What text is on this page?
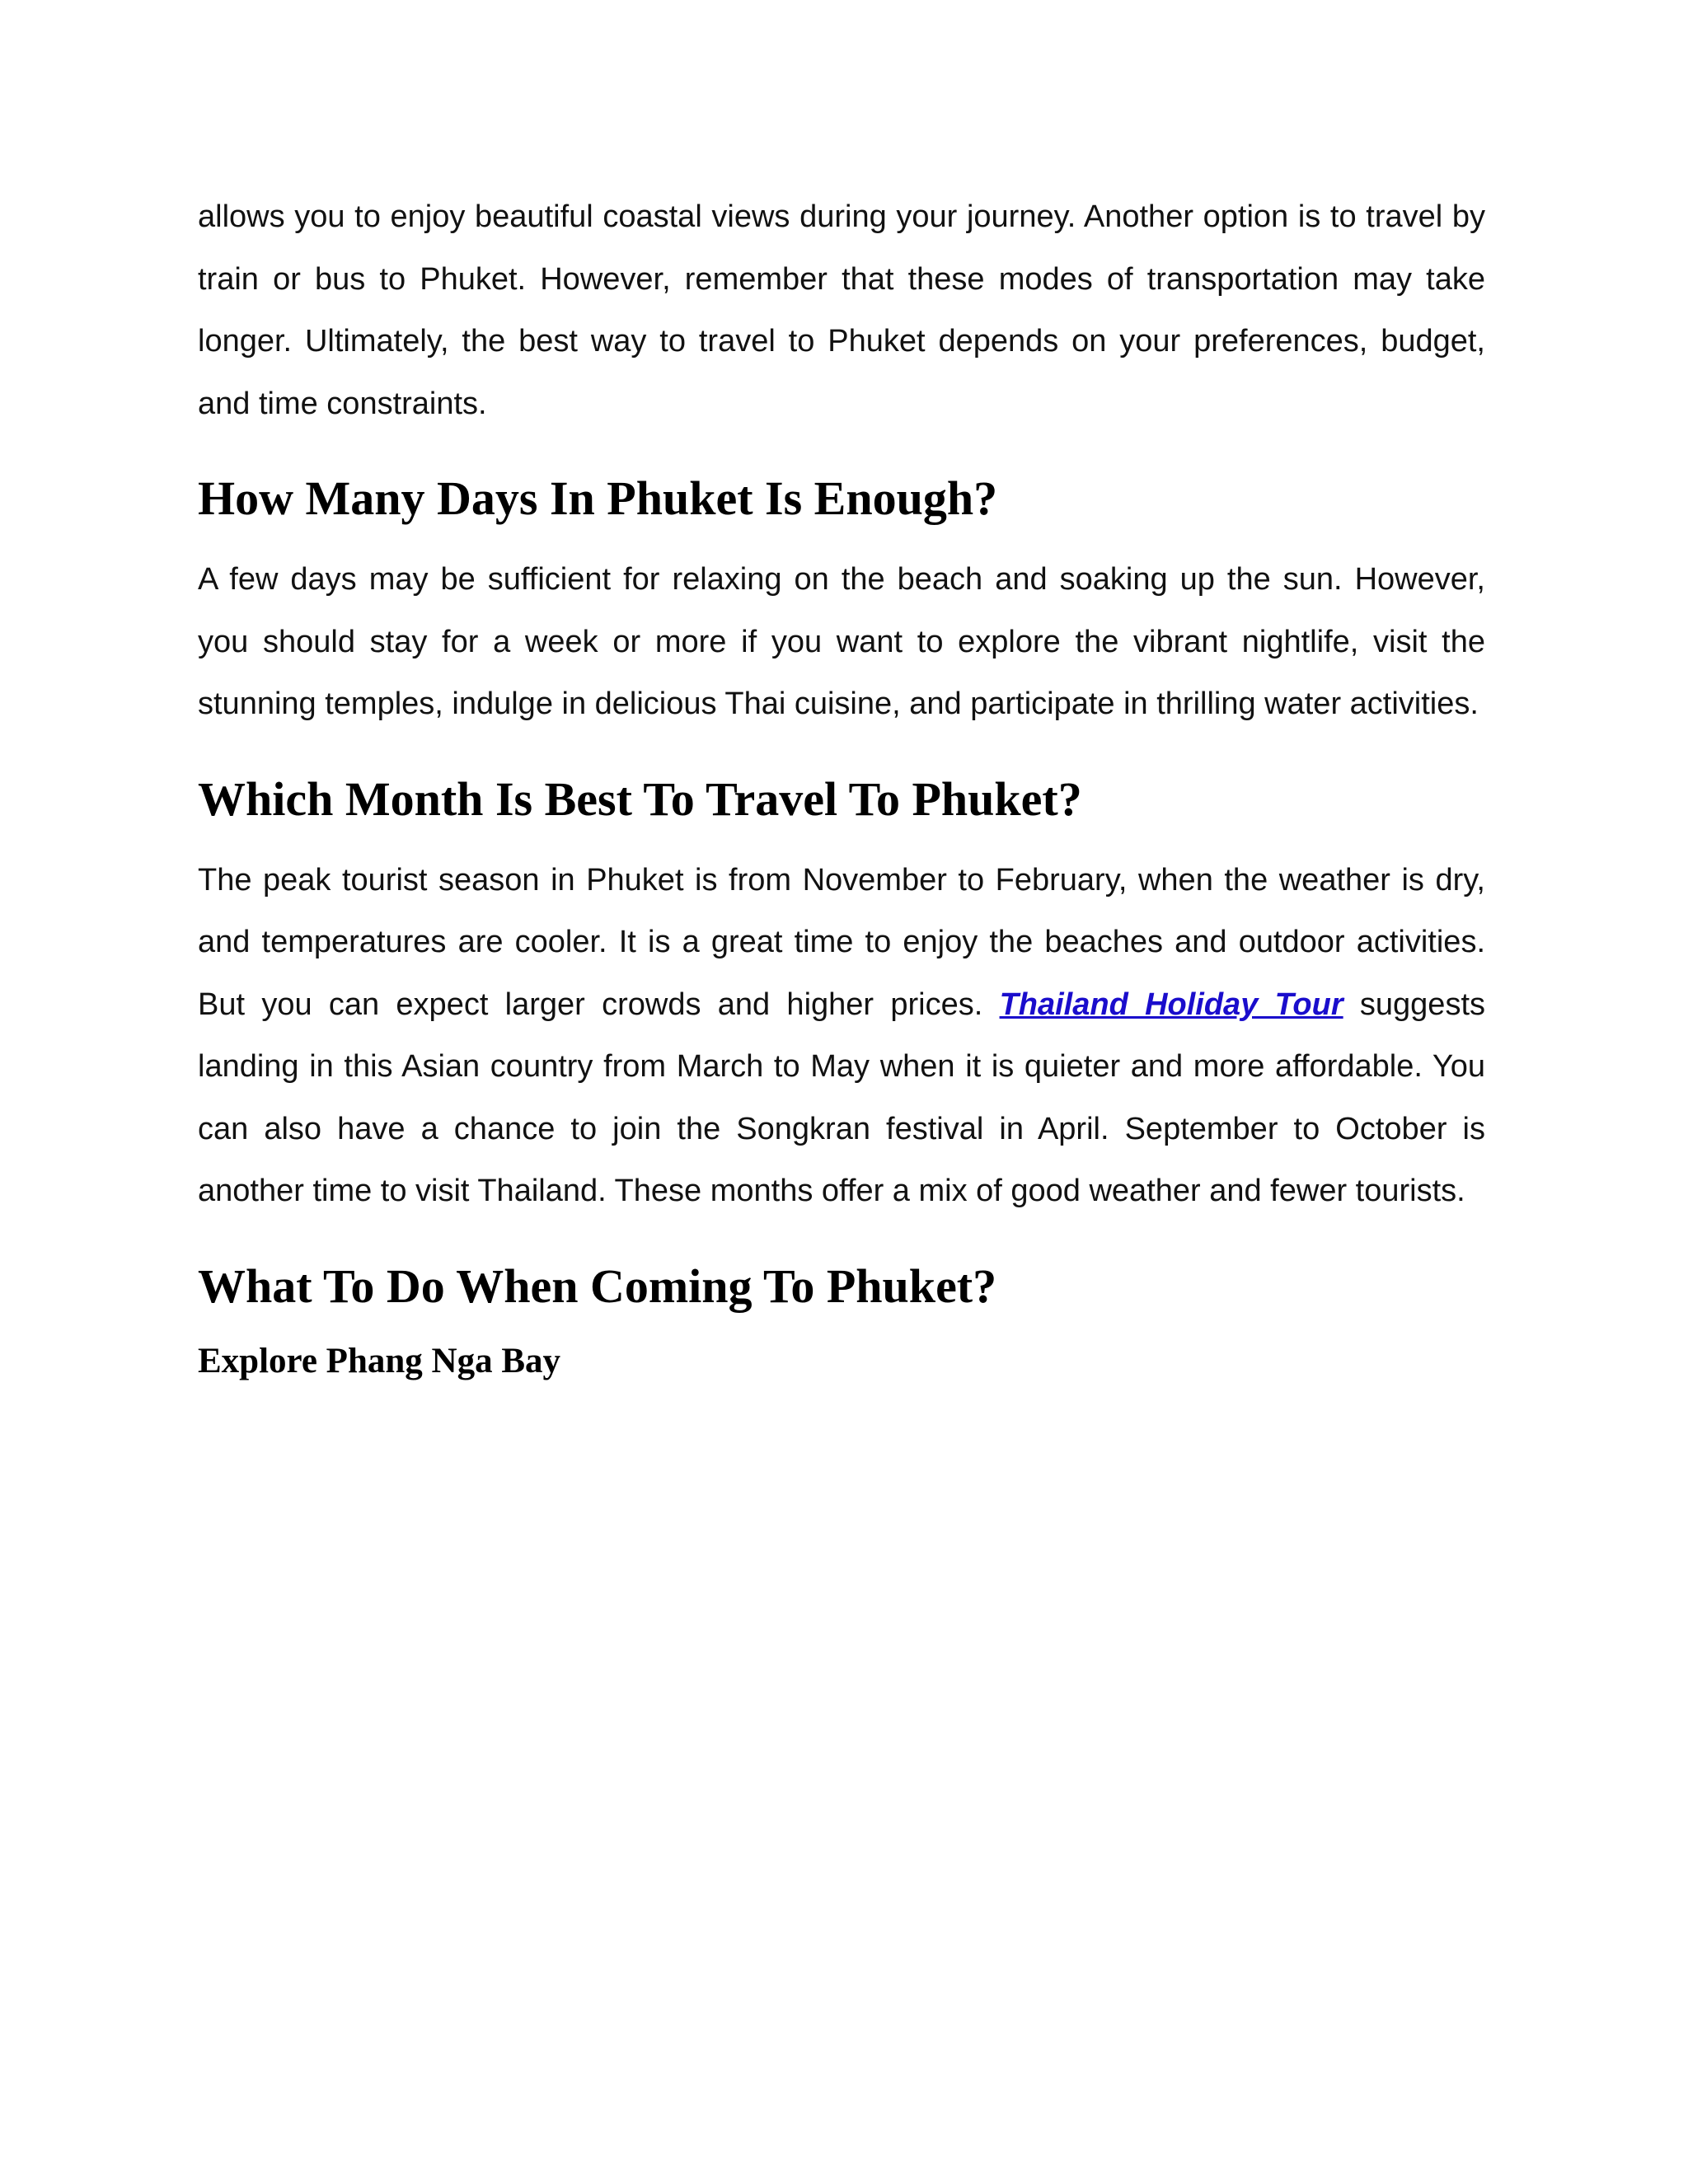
allows you to enjoy beautiful coastal views during your journey. Another option is to travel by train or bus to Phuket. However, remember that these modes of transportation may take longer. Ultimately, the best way to travel to Phuket depends on your preferences, budget, and time constraints.

How Many Days In Phuket Is Enough?

A few days may be sufficient for relaxing on the beach and soaking up the sun. However, you should stay for a week or more if you want to explore the vibrant nightlife, visit the stunning temples, indulge in delicious Thai cuisine, and participate in thrilling water activities.

Which Month Is Best To Travel To Phuket?

The peak tourist season in Phuket is from November to February, when the weather is dry, and temperatures are cooler. It is a great time to enjoy the beaches and outdoor activities. But you can expect larger crowds and higher prices. Thailand Holiday Tour suggests landing in this Asian country from March to May when it is quieter and more affordable. You can also have a chance to join the Songkran festival in April. September to October is another time to visit Thailand. These months offer a mix of good weather and fewer tourists.

What To Do When Coming To Phuket?
Explore Phang Nga Bay
